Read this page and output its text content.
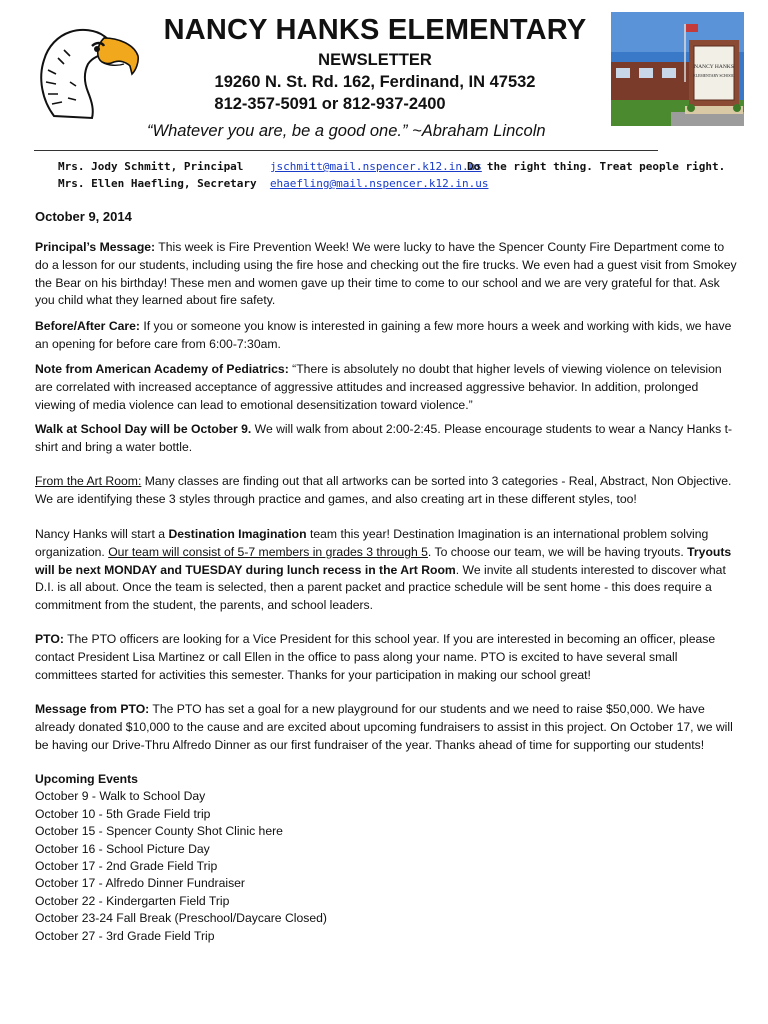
NANCY HANKS ELEMENTARY
NEWSLETTER
19260 N. St. Rd. 162, Ferdinand, IN 47532
812-357-5091 or 812-937-2400
“Whatever you are, be a good one.” ~Abraham Lincoln
NANCY HANKS
ELEMENTARY SCHOOL
Mrs. Jody Schmitt, Principal jschmitt@mail.nspencer.k12.in.us
Mrs. Ellen Haefling, Secretary ehaefling@mail.nspencer.k12.in.us
Do the right thing. Treat people right.
October 9, 2014
Principal’s Message: This week is Fire Prevention Week! We were lucky to have the Spencer County Fire Department come to do a lesson for our students, including using the fire hose and checking out the fire trucks. We even had a guest visit from Smokey the Bear on his birthday! These men and women gave up their time to come to our school and we are very grateful for that. Ask you child what they learned about fire safety.
Before/After Care: If you or someone you know is interested in gaining a few more hours a week and working with kids, we have an opening for before care from 6:00-7:30am.
Note from American Academy of Pediatrics: “There is absolutely no doubt that higher levels of viewing violence on television are correlated with increased acceptance of aggressive attitudes and increased aggressive behavior. In addition, prolonged viewing of media violence can lead to emotional desensitization toward violence.”
Walk at School Day will be October 9. We will walk from about 2:00-2:45. Please encourage students to wear a Nancy Hanks t-shirt and bring a water bottle.
From the Art Room: Many classes are finding out that all artworks can be sorted into 3 categories - Real, Abstract, Non Objective. We are identifying these 3 styles through practice and games, and also creating art in these different styles, too!
Nancy Hanks will start a Destination Imagination team this year! Destination Imagination is an international problem solving organization. Our team will consist of 5-7 members in grades 3 through 5. To choose our team, we will be having tryouts. Tryouts will be next MONDAY and TUESDAY during lunch recess in the Art Room. We invite all students interested to discover what D.I. is all about. Once the team is selected, then a parent packet and practice schedule will be sent home - this does require a commitment from the student, the parents, and school leaders.
PTO: The PTO officers are looking for a Vice President for this school year. If you are interested in becoming an officer, please contact President Lisa Martinez or call Ellen in the office to pass along your name. PTO is excited to have several small committees started for activities this semester. Thanks for your participation in making our school great!
Message from PTO: The PTO has set a goal for a new playground for our students and we need to raise $50,000. We have already donated $10,000 to the cause and are excited about upcoming fundraisers to assist in this project. On October 17, we will be having our Drive-Thru Alfredo Dinner as our first fundraiser of the year. Thanks ahead of time for supporting our students!
Upcoming Events
October 9 - Walk to School Day
October 10 - 5th Grade Field trip
October 15 - Spencer County Shot Clinic here
October 16 - School Picture Day
October 17 - 2nd Grade Field Trip
October 17 - Alfredo Dinner Fundraiser
October 22 - Kindergarten Field Trip
October 23-24 Fall Break (Preschool/Daycare Closed)
October 27 - 3rd Grade Field Trip
